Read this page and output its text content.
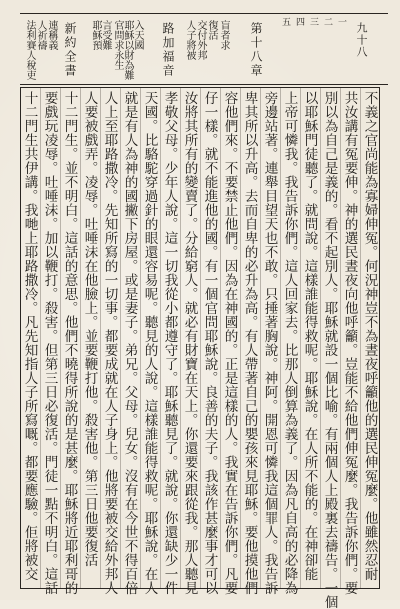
九十八
新約全書	路加福音	第十八章
法利賽人稅吏 人祈禱 連稱義	耶穌預 言受難 官問求永生 耶穌以財為難 入天國	人子將被 交付外邦 復活 盲者求	一
二
三
四
五
不義之官尚能為寡婦伸冤。何況神豈不為晝夜呼籲他的選民伸冤麼。他雖然忍耐
共汝講有冤要伸。神的選民晝夜向他呼籲。豈能不給他們伸冤麼。我告訴你們。要
別以為自己是義的。看不起別人。耶穌就設一個比喻。有兩個人上殿裏去禱告。一個
以耶穌門徒聽了。就問說。這樣誰能得救呢。耶穌說。在人所不能的。在神卻能
上帝可憐我。我告訴你們。這人回家去。比那人倒算為義了。因為凡自高的必降為
旁邊站著。連舉目望天也不敢。只捶著胸說。神阿。開恩可憐我這個罪人。我告訴
卑其所以升高。去而自卑的必升為高。有人帶著自己的嬰孩來見耶穌。要他摸他們
容他們來。不要禁止他們。因為在神國的。正是這樣的人。我實在告訴你們。凡要
仔一樣。就不能進他的國。有一個官問耶穌說。良善的夫子。我該作甚麼事才可以
汝將其所有的變賣了。分給窮人。就必有財寶在天上。你還要來跟從我。那人聽見
孝敬父母。少年人說。這一切我從小都遵守了。耶穌聽見了。就說。你還缺少一件
天國。比駱駝穿過針的眼還容易呢。聽見的人說。這樣誰能得救呢。耶穌說。在人
就是有人為神的國撇下房屋。或是妻子。弟兄。父母。兒女。沒有在今世不得百倍
人上至耶路撒冷。先知所寫的一切事。都要成就在人子身上。他將要被交給外邦人
人要被戲弄。凌辱。吐唾沫在他臉上。並要鞭打他。殺害他。第三日他要復活
十二門生。並不明白。這話的意思。他們不曉得所說的是甚麼。耶穌將近耶利哥的
要戲玩凌辱。吐唾沫。加以鞭打。殺害。但第三日必復活。門徒一點不明白。這話
十二門生共伊講。我哋上耶路撒冷。凡先知指人子所寫嘅。都要應驗。佢將被交
